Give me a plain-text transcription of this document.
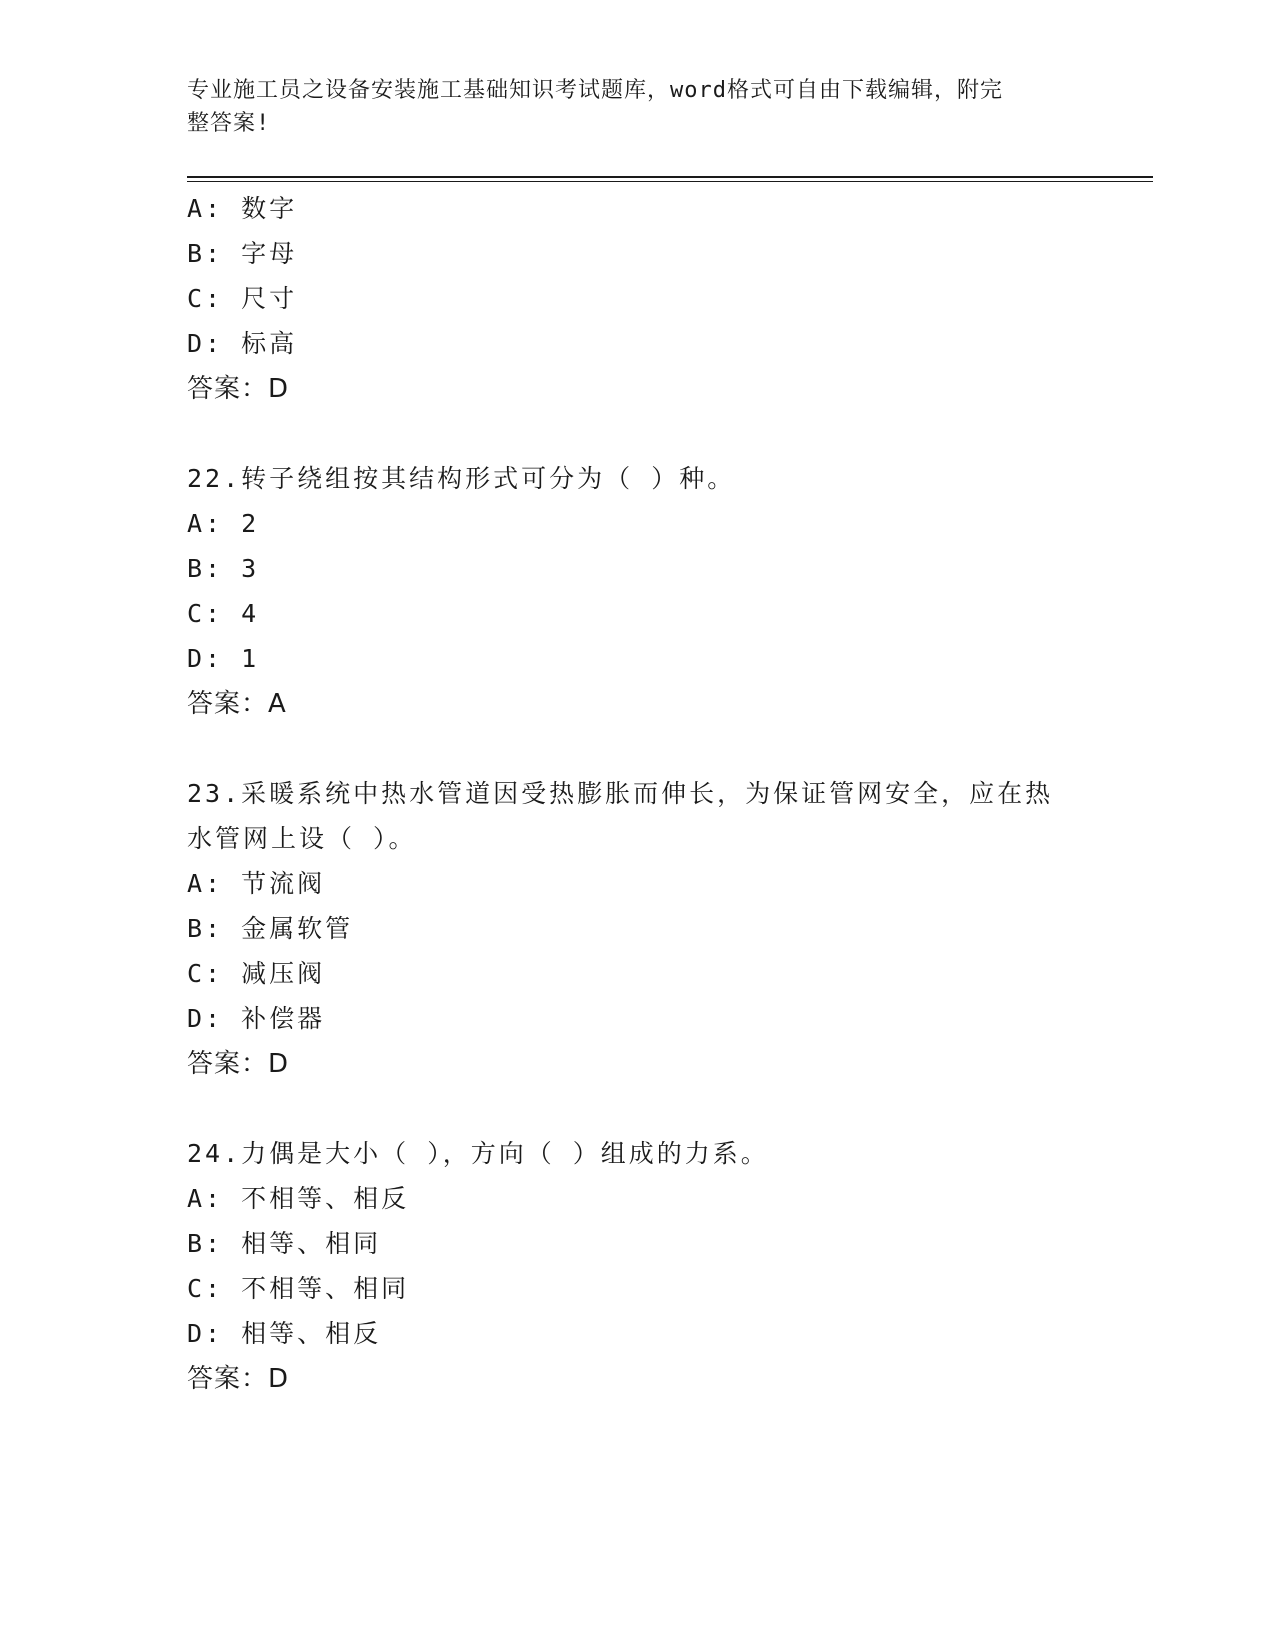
专业施工员之设备安装施工基础知识考试题库，word格式可自由下载编辑，附完
整答案!
A: 数字
B: 字母
C: 尺寸
D: 标高
答案：D
22.转子绕组按其结构形式可分为（ ）种。
A: 2
B: 3
C: 4
D: 1
答案：A
23.采暖系统中热水管道因受热膨胀而伸长，为保证管网安全，应在热
水管网上设（ ）。
A: 节流阀
B: 金属软管
C: 减压阀
D: 补偿器
答案：D
24.力偶是大小（ ），方向（ ）组成的力系。
A: 不相等、相反
B: 相等、相同
C: 不相等、相同
D: 相等、相反
答案：D
